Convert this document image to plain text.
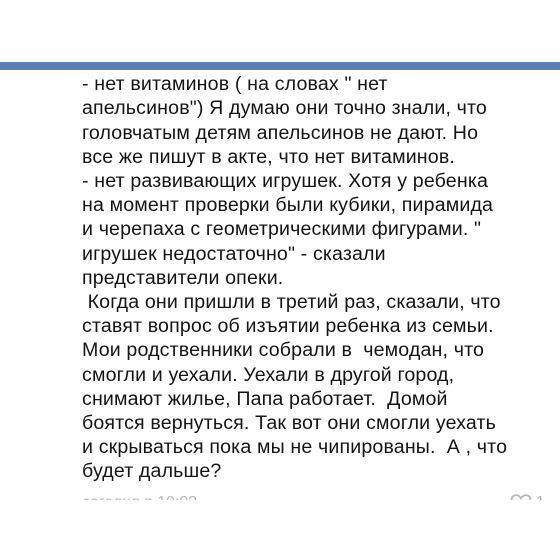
- нет витаминов ( на словах " нет
апельсинов") Я думаю они точно знали, что
головчатым детям апельсинов не дают. Но
все же пишут в акте, что нет витаминов.
- нет развивающих игрушек. Хотя у ребенка
на момент проверки были кубики, пирамида
и черепаха с геометрическими фигурами. "
игрушек недостаточно" - сказали
представители опеки.
Когда они пришли в третий раз, сказали, что
ставят вопрос об изъятии ребенка из семьи.
Мои родственники собрали в  чемодан, что
смогли и уехали. Уехали в другой город,
снимают жилье, Папа работает.  Домой
боятся вернуться. Так вот они смогли уехать
и скрываться пока мы не чипированы.  А , что
будет дальше?
